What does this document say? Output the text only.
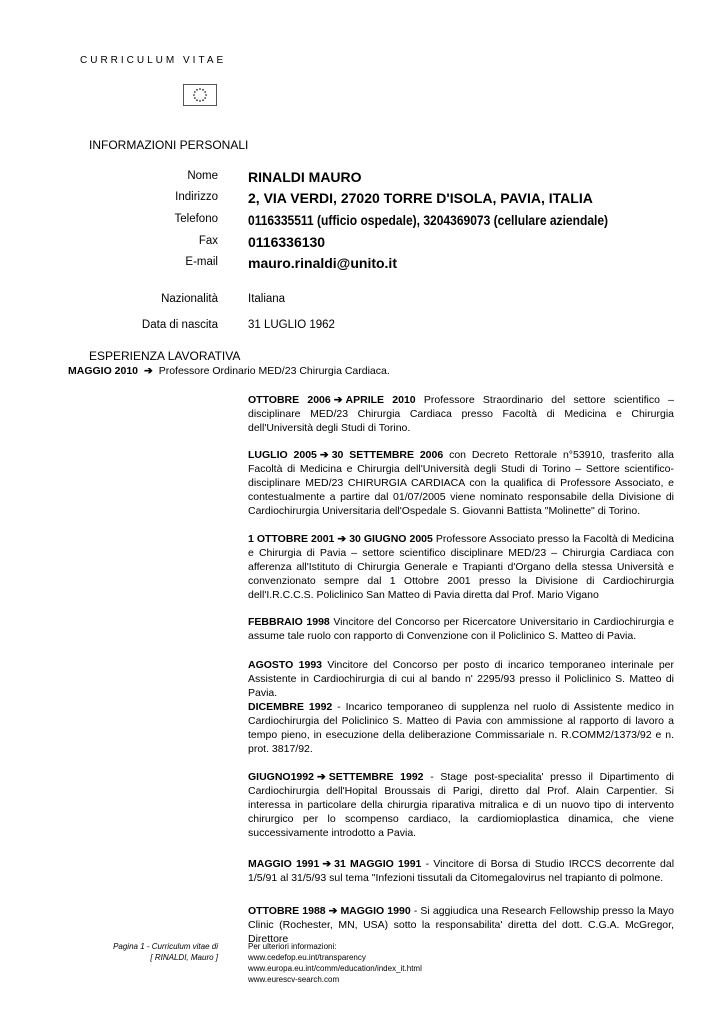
CURRICULUM VITAE
INFORMAZIONI PERSONALI
Nome RINALDI MAURO
Indirizzo 2, VIA VERDI, 27020 TORRE D'ISOLA, PAVIA, ITALIA
Telefono 0116335511 (ufficio ospedale), 3204369073 (cellulare aziendale)
Fax 0116336130
E-mail mauro.rinaldi@unito.it
Nazionalità	Italiana
Data di nascita	31 LUGLIO 1962
ESPERIENZA LAVORATIVA
MAGGIO 2010 ➔ Professore Ordinario MED/23 Chirurgia Cardiaca.
OTTOBRE 2006 ➔ APRILE 2010 Professore Straordinario del settore scientifico – disciplinare MED/23 Chirurgia Cardiaca presso Facoltà di Medicina e Chirurgia dell'Università degli Studi di Torino.
LUGLIO 2005 ➔ 30 SETTEMBRE 2006 con Decreto Rettorale n°53910, trasferito alla Facoltà di Medicina e Chirurgia dell'Università degli Studi di Torino – Settore scientifico-disciplinare MED/23 CHIRURGIA CARDIACA con la qualifica di Professore Associato, e contestualmente a partire dal 01/07/2005 viene nominato responsabile della Divisione di Cardiochirurgia Universitaria dell'Ospedale S. Giovanni Battista "Molinette" di Torino.
1 OTTOBRE 2001 ➔ 30 GIUGNO 2005 Professore Associato presso la Facoltà di Medicina e Chirurgia di Pavia – settore scientifico disciplinare MED/23 – Chirurgia Cardiaca con afferenza all'Istituto di Chirurgia Generale e Trapianti d'Organo della stessa Università e convenzionato sempre dal 1 Ottobre 2001 presso la Divisione di Cardiochirurgia dell'I.R.C.C.S. Policlinico San Matteo di Pavia diretta dal Prof. Mario Vigano
FEBBRAIO 1998 Vincitore del Concorso per Ricercatore Universitario in Cardiochirurgia e assume tale ruolo con rapporto di Convenzione con il Policlinico S. Matteo di Pavia.
AGOSTO 1993 Vincitore del Concorso per posto di incarico temporaneo interinale per Assistente in Cardiochirurgia di cui al bando n' 2295/93 presso il Policlinico S. Matteo di Pavia.
DICEMBRE 1992 - Incarico temporaneo di supplenza nel ruolo di Assistente medico in Cardiochirurgia del Policlinico S. Matteo di Pavia con ammissione al rapporto di lavoro a tempo pieno, in esecuzione della deliberazione Commissariale n. R.COMM2/1373/92 e n. prot. 3817/92.
GIUGNO1992 ➔ SETTEMBRE 1992 - Stage post-specialita' presso il Dipartimento di Cardiochirurgia dell'Hopital Broussais di Parigi, diretto dal Prof. Alain Carpentier. Si interessa in particolare della chirurgia riparativa mitralica e di un nuovo tipo di intervento chirurgico per lo scompenso cardiaco, la cardiomioplastica dinamica, che viene successivamente introdotto a Pavia.
MAGGIO 1991 ➔ 31 MAGGIO 1991 - Vincitore di Borsa di Studio IRCCS decorrente dal 1/5/91 al 31/5/93 sul tema "Infezioni tissutali da Citomegalovirus nel trapianto di polmone.
OTTOBRE 1988 ➔ MAGGIO 1990 - Si aggiudica una Research Fellowship presso la Mayo Clinic (Rochester, MN, USA) sotto la responsabilita' diretta del dott. C.G.A. McGregor, Direttore
Pagina 1 - Curriculum vitae di
[ RINALDI, Mauro ]
Per ulteriori informazioni:
www.cedefop.eu.int/transparency
www.europa.eu.int/comm/education/index_it.html
www.eurescv-search.com
